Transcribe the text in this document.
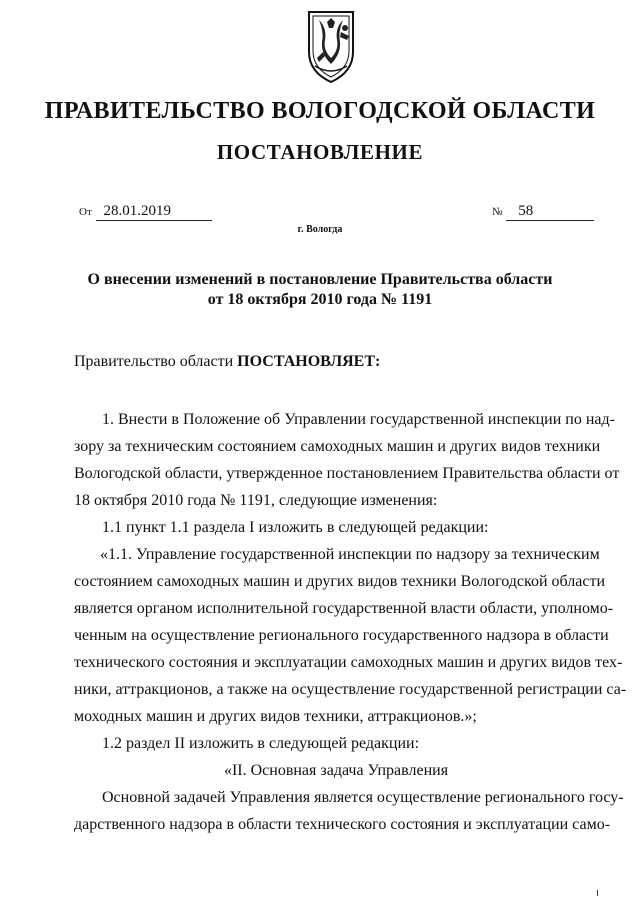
ПРАВИТЕЛЬСТВО ВОЛОГОДСКОЙ ОБЛАСТИ
ПОСТАНОВЛЕНИЕ
От 28.01.2019	№ 58
г. Вологда
О внесении изменений в постановление Правительства области
от 18 октября 2010 года № 1191
Правительство области ПОСТАНОВЛЯЕТ:
1. Внести в Положение об Управлении государственной инспекции по над-
зору за техническим состоянием самоходных машин и других видов техники
Вологодской области, утвержденное постановлением Правительства области от
18 октября 2010 года № 1191, следующие изменения:
1.1 пункт 1.1 раздела I изложить в следующей редакции:
«1.1. Управление государственной инспекции по надзору за техническим
состоянием самоходных машин и других видов техники Вологодской области
является органом исполнительной государственной власти области, уполномо-
ченным на осуществление регионального государственного надзора в области
технического состояния и эксплуатации самоходных машин и других видов тех-
ники, аттракционов, а также на осуществление государственной регистрации са-
моходных машин и других видов техники, аттракционов.»;
1.2 раздел II изложить в следующей редакции:
«II. Основная задача Управления
Основной задачей Управления является осуществление регионального госу-
дарственного надзора в области технического состояния и эксплуатации само-
